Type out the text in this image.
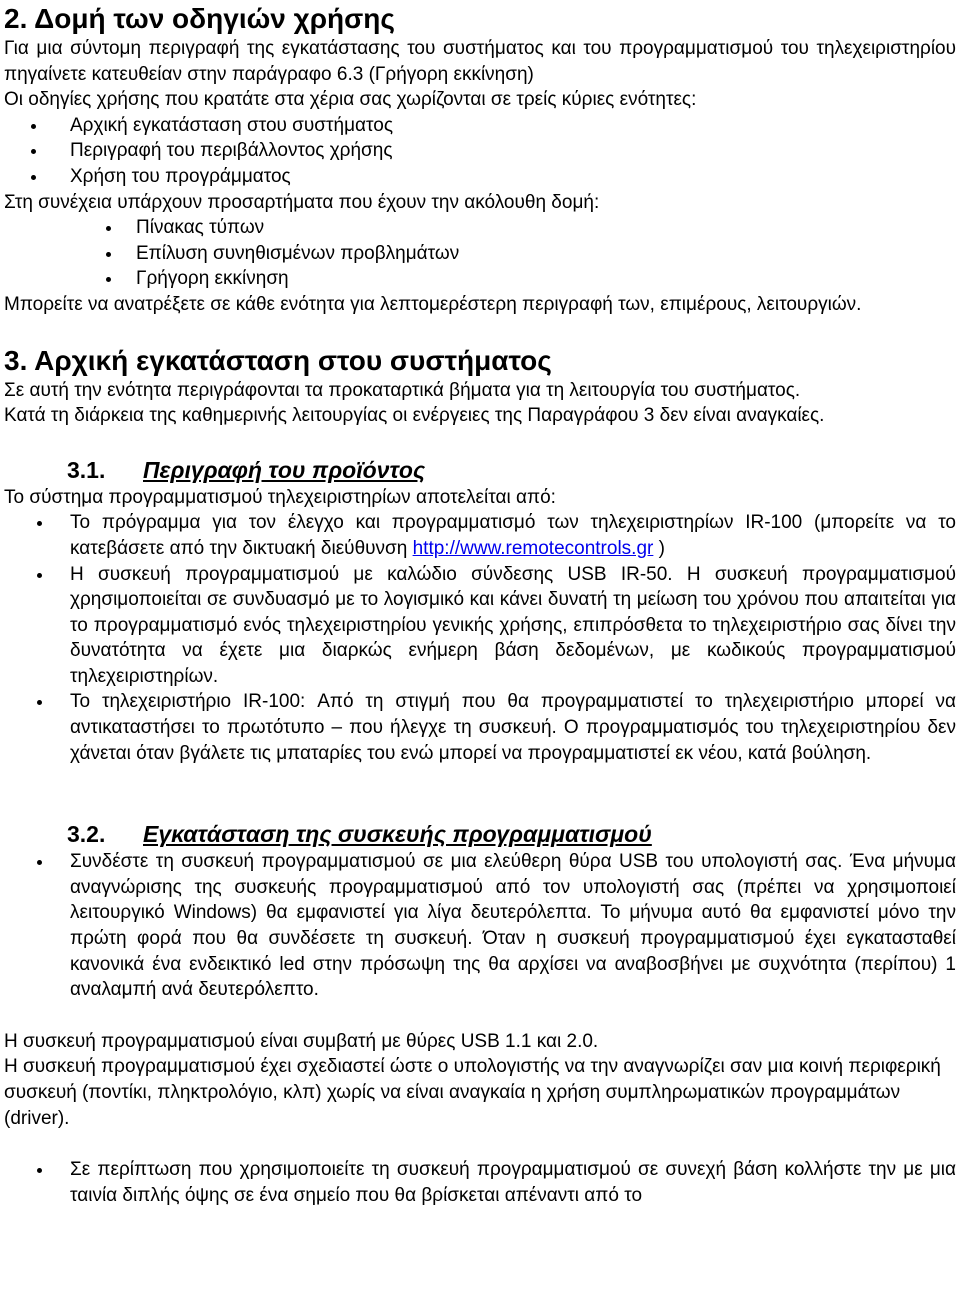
2. Δομή των οδηγιών χρήσης

Για μια σύντομη περιγραφή της εγκατάστασης του συστήματος και του προγραμματισμού του τηλεχειριστηρίου πηγαίνετε κατευθείαν στην παράγραφο 6.3 (Γρήγορη εκκίνηση)

Οι οδηγίες χρήσης που κρατάτε στα χέρια σας χωρίζονται σε τρείς κύριες ενότητες:

Αρχική εγκατάσταση στου συστήματος
Περιγραφή του περιβάλλοντος χρήσης
Χρήση του προγράμματος

Στη συνέχεια υπάρχουν προσαρτήματα που έχουν την ακόλουθη δομή:

Πίνακας τύπων
Επίλυση συνηθισμένων προβλημάτων
Γρήγορη εκκίνηση

Μπορείτε να ανατρέξετε σε κάθε ενότητα για λεπτομερέστερη περιγραφή των, επιμέρους, λειτουργιών.

3. Αρχική εγκατάσταση στου συστήματος

Σε αυτή την ενότητα περιγράφονται τα προκαταρτικά βήματα για τη λειτουργία του συστήματος.

Κατά τη διάρκεια της καθημερινής λειτουργίας οι ενέργειες της Παραγράφου 3 δεν είναι αναγκαίες.

3.1. Περιγραφή του προϊόντος

Το σύστημα προγραμματισμού τηλεχειριστηρίων αποτελείται από:

Το πρόγραμμα για τον έλεγχο και προγραμματισμό των τηλεχειριστηρίων IR-100 (μπορείτε να το κατεβάσετε από την δικτυακή διεύθυνση http://www.remotecontrols.gr )
Η συσκευή προγραμματισμού με καλώδιο σύνδεσης USB IR-50. Η συσκευή προγραμματισμού χρησιμοποιείται σε συνδυασμό με το λογισμικό και κάνει δυνατή τη μείωση του χρόνου που απαιτείται για το προγραμματισμό ενός τηλεχειριστηρίου γενικής χρήσης, επιπρόσθετα το τηλεχειριστήριο σας δίνει την δυνατότητα να έχετε μια διαρκώς ενήμερη βάση δεδομένων, με κωδικούς προγραμματισμού τηλεχειριστηρίων.
Το τηλεχειριστήριο IR-100: Από τη στιγμή που θα προγραμματιστεί το τηλεχειριστήριο μπορεί να αντικαταστήσει το πρωτότυπο – που ήλεγχε τη συσκευή. Ο προγραμματισμός του τηλεχειριστηρίου δεν χάνεται όταν βγάλετε τις μπαταρίες του ενώ μπορεί να προγραμματιστεί εκ νέου, κατά βούληση.
3.2. Εγκατάσταση της συσκευής προγραμματισμού
Συνδέστε τη συσκευή προγραμματισμού σε μια ελεύθερη θύρα USB του υπολογιστή σας. Ένα μήνυμα αναγνώρισης της συσκευής προγραμματισμού από τον υπολογιστή σας (πρέπει να χρησιμοποιεί λειτουργικό Windows) θα εμφανιστεί για λίγα δευτερόλεπτα. Το μήνυμα αυτό θα εμφανιστεί μόνο την πρώτη φορά που θα συνδέσετε τη συσκευή. Όταν η συσκευή προγραμματισμού έχει εγκατασταθεί κανονικά ένα ενδεικτικό led στην πρόσωψη της θα αρχίσει να αναβοσβήνει με συχνότητα (περίπου) 1 αναλαμπή ανά δευτερόλεπτο.

Η συσκευή προγραμματισμού είναι συμβατή με θύρες USB 1.1 και 2.0.

Η συσκευή προγραμματισμού έχει σχεδιαστεί ώστε ο υπολογιστής να την αναγνωρίζει σαν μια κοινή περιφερική συσκευή (ποντίκι, πληκτρολόγιο, κλπ) χωρίς να είναι αναγκαία η χρήση συμπληρωματικών προγραμμάτων (driver).

Σε περίπτωση που χρησιμοποιείτε τη συσκευή προγραμματισμού σε συνεχή βάση κολλήστε την με μια ταινία διπλής όψης σε ένα σημείο που θα βρίσκεται απέναντι από το
